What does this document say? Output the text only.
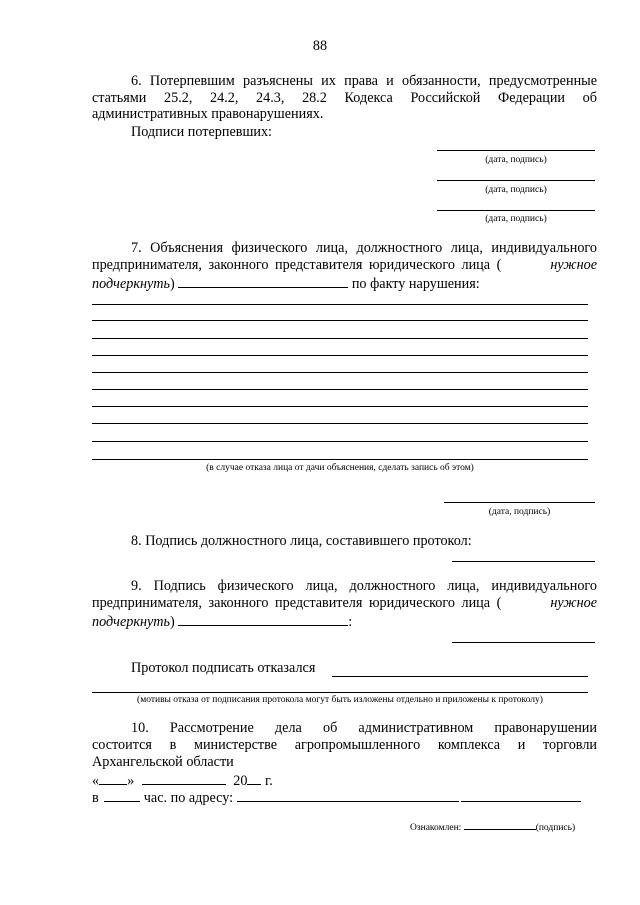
88
6. Потерпевшим разъяснены их права и обязанности, предусмотренные
статьями 25.2, 24.2, 24.3, 28.2 Кодекса Российской Федерации об
административных правонарушениях.
Подписи потерпевших:
(дата, подпись)
(дата, подпись)
(дата, подпись)
7. Объяснения физического лица, должностного лица, индивидуального
предпринимателя, законного представителя юридического лица (	нужное
подчеркнуть)	по факту нарушения:
(в случае отказа лица от дачи объяснения, сделать запись об этом)
(дата, подпись)
8. Подпись должностного лица, составившего протокол:
9. Подпись физического лица, должностного лица, индивидуального
предпринимателя, законного представителя юридического лица (	нужное
подчеркнуть)	:
Протокол подписать отказался
(мотивы отказа от подписания протокола могут быть изложены отдельно и приложены к протоколу)
10. Рассмотрение дела об административном правонарушении
состоится в министерстве агропромышленного комплекса и торговли
Архангельской области
« »	20 г.
в	час. по адресу:
Ознакомлен:	(подпись)
